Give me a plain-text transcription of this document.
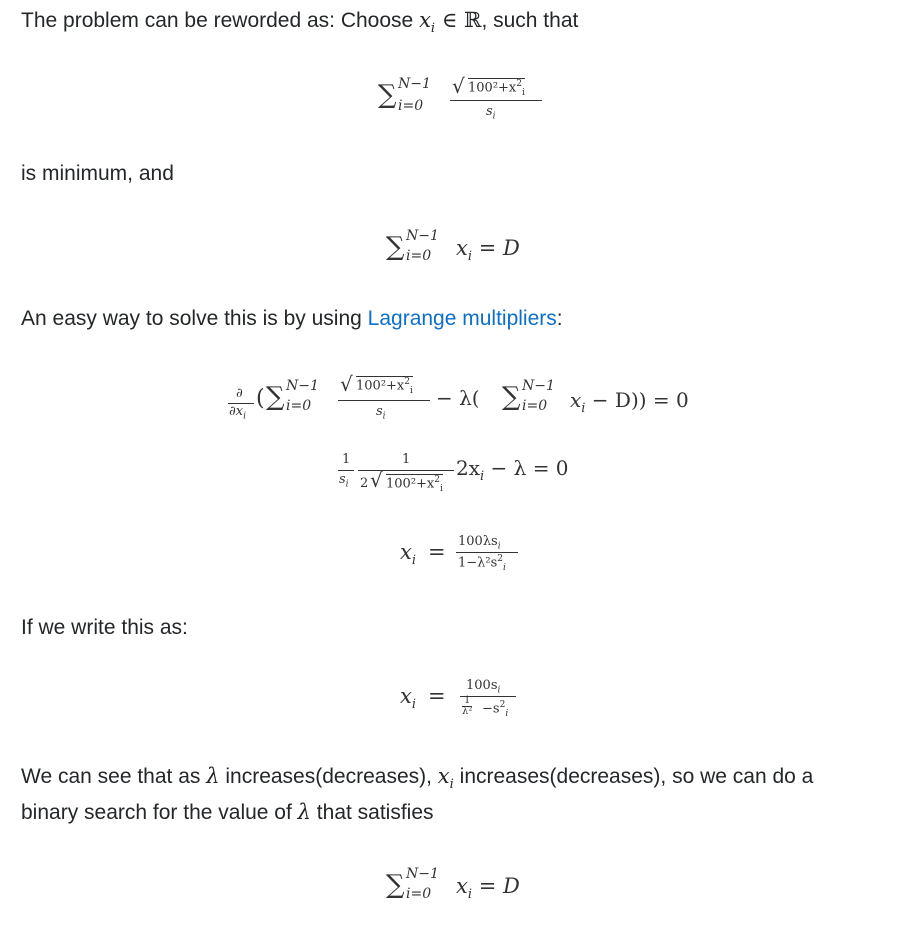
The problem can be reworded as: Choose $x_i$ ∈ ℝ, such that
∑ N−1
i=0
√ $100^2+x^2_i$
$s_i$
is minimum, and
∑ N−1
i=0 $x_i = D$
An easy way to solve this is by using Lagrange multipliers:
∂
$\partial x_i$
( ∑ N−1
i=0
√ $100^2+x^2_i$
$s_i$
− λ( ∑ N−1
i=0 $x_i - D)) = 0$
1
$s_i$
1
2 √ $100^2+x^2_i$
$2x_i - \lambda = 0$
$x_i = 100\lambda s_i$
$1-\lambda^2s^2_i$
If we write this as:
$x_i = 100s_i$
1
$\lambda^2 -s^2_i$
We can see that as λ increases(decreases), $x_i$ increases(decreases), so we can do a
binary search for the value of λ that satisfies
∑ N−1
i=0 $x_i = D$
